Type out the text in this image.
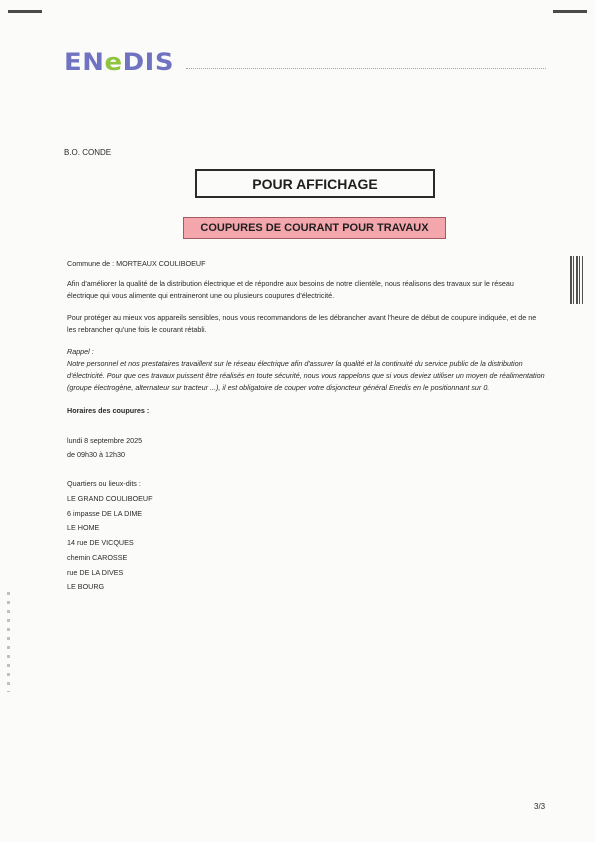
ENeDIS
B.O. CONDE
POUR AFFICHAGE
COUPURES DE COURANT POUR TRAVAUX
Commune de : MORTEAUX COULIBOEUF
Afin d'améliorer la qualité de la distribution électrique et de répondre aux besoins de notre clientèle, nous réalisons des travaux sur le réseau électrique qui vous alimente qui entraineront une ou plusieurs coupures d'électricité.
Pour protéger au mieux vos appareils sensibles, nous vous recommandons de les débrancher avant l'heure de début de coupure indiquée, et de ne les rebrancher qu'une fois le courant rétabli.
Rappel :
Notre personnel et nos prestataires travaillent sur le réseau électrique afin d'assurer la qualité et la continuité du service public de la distribution d'électricité. Pour que ces travaux puissent être réalisés en toute sécurité, nous vous rappelons que si vous deviez utiliser un moyen de réalimentation (groupe électrogène, alternateur sur tracteur ...), il est obligatoire de couper votre disjoncteur général Enedis en le positionnant sur 0.
Horaires des coupures :
lundi 8 septembre 2025
de 09h30 à 12h30
Quartiers ou lieux-dits :
LE GRAND COULIBOEUF
6 impasse DE LA DIME
LE HOME
14 rue DE VICQUES
chemin CAROSSE
rue DE LA DIVES
LE BOURG
3/3
